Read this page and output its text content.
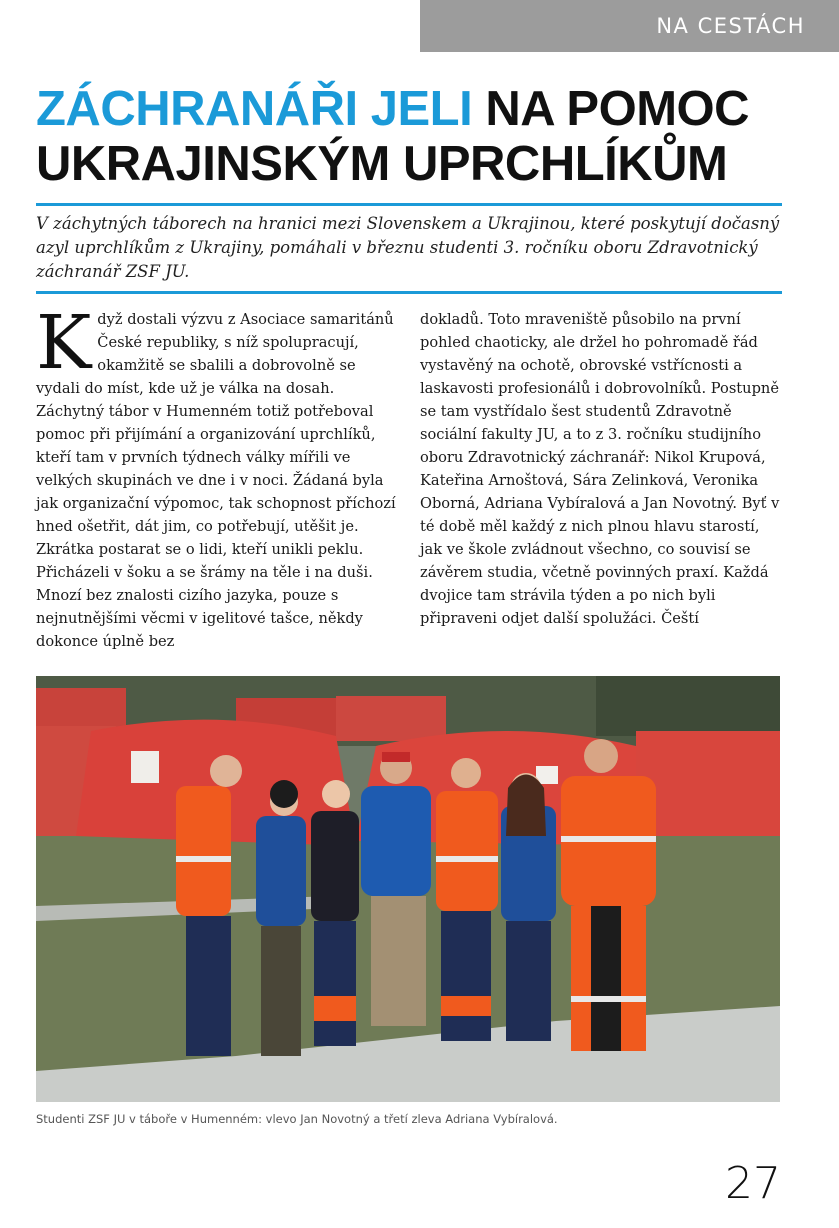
NA CESTÁCH
ZÁCHRANÁŘI JELI NA POMOC UKRAJINSKÝM UPRCHLÍKŮM

V záchytných táborech na hranici mezi Slovenskem a Ukrajinou, které poskytují dočasný azyl uprchlíkům z Ukrajiny, pomáhali v březnu studenti 3. ročníku oboru Zdravotnický záchranář ZSF JU.

Když dostali výzvu z Asociace samaritánů České republiky, s níž spolupracují, okamžitě se sbalili a dobrovolně se vydali do míst, kde už je válka na dosah. Záchytný tábor v Humenném totiž potřeboval pomoc při přijímání a organizování uprchlíků, kteří tam v prvních týdnech války mířili ve velkých skupinách ve dne i v noci. Žádaná byla jak organizační výpomoc, tak schopnost příchozí hned ošetřit, dát jim, co potřebují, utěšit je. Zkrátka postarat se o lidi, kteří unikli peklu. Přicházeli v šoku a se šrámy na těle i na duši. Mnozí bez znalosti cizího jazyka, pouze s nejnutnějšími věcmi v igelitové tašce, někdy dokonce úplně bez

dokladů. Toto mraveniště působilo na první pohled chaoticky, ale držel ho pohromadě řád vystavěný na ochotě, obrovské vstřícnosti a laskavosti profesionálů i dobrovolníků. Postupně se tam vystřídalo šest studentů Zdravotně sociální fakulty JU, a to z 3. ročníku studijního oboru Zdravotnický záchranář: Nikol Krupová, Kateřina Arnoštová, Sára Zelinková, Veronika Oborná, Adriana Vybíralová a Jan Novotný. Byť v té době měl každý z nich plnou hlavu starostí, jak ve škole zvládnout všechno, co souvisí se závěrem studia, včetně povinných praxí. Každá dvojice tam strávila týden a po nich byli připraveni odjet další spolužáci. Čeští

Studenti ZSF JU v táboře v Humenném: vlevo Jan Novotný a třetí zleva Adriana Vybíralová.

27
